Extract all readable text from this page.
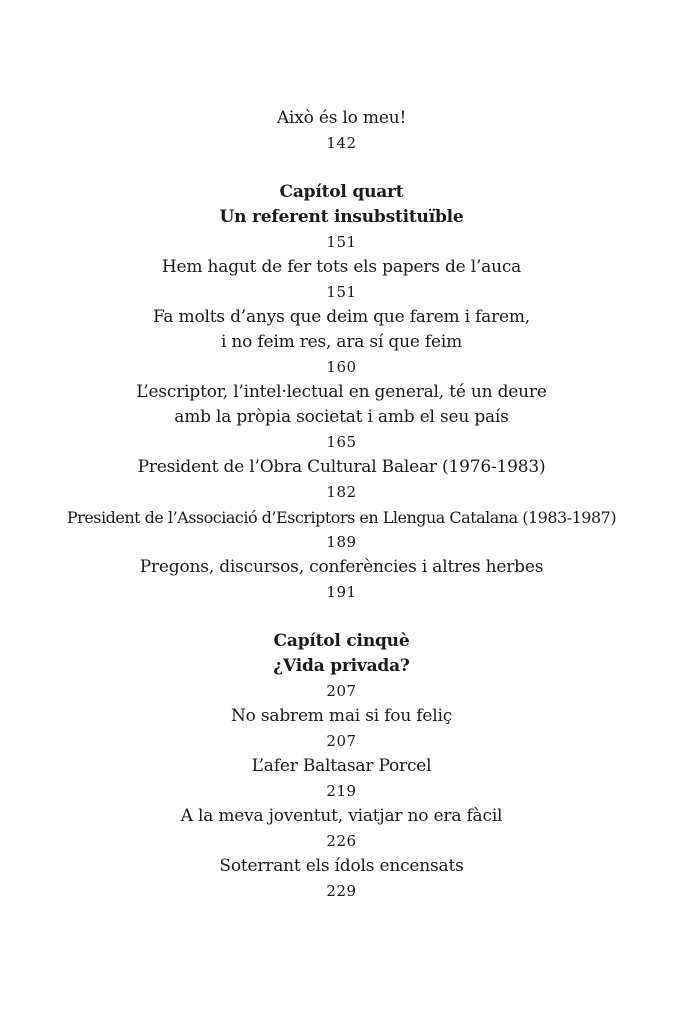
Això és lo meu!
142
Capítol quart
Un referent insubstituïble
151
Hem hagut de fer tots els papers de l’auca
151
Fa molts d’anys que deim que farem i farem,
i no feim res, ara sí que feim
160
L’escriptor, l’intel·lectual en general, té un deure
amb la pròpia societat i amb el seu país
165
President de l’Obra Cultural Balear (1976-1983)
182
President de l’Associació d’Escriptors en Llengua Catalana (1983-1987)
189
Pregons, discursos, conferències i altres herbes
191
Capítol cinquè
¿Vida privada?
207
No sabrem mai si fou feliç
207
L’afer Baltasar Porcel
219
A la meva joventut, viatjar no era fàcil
226
Soterrant els ídols encensats
229
